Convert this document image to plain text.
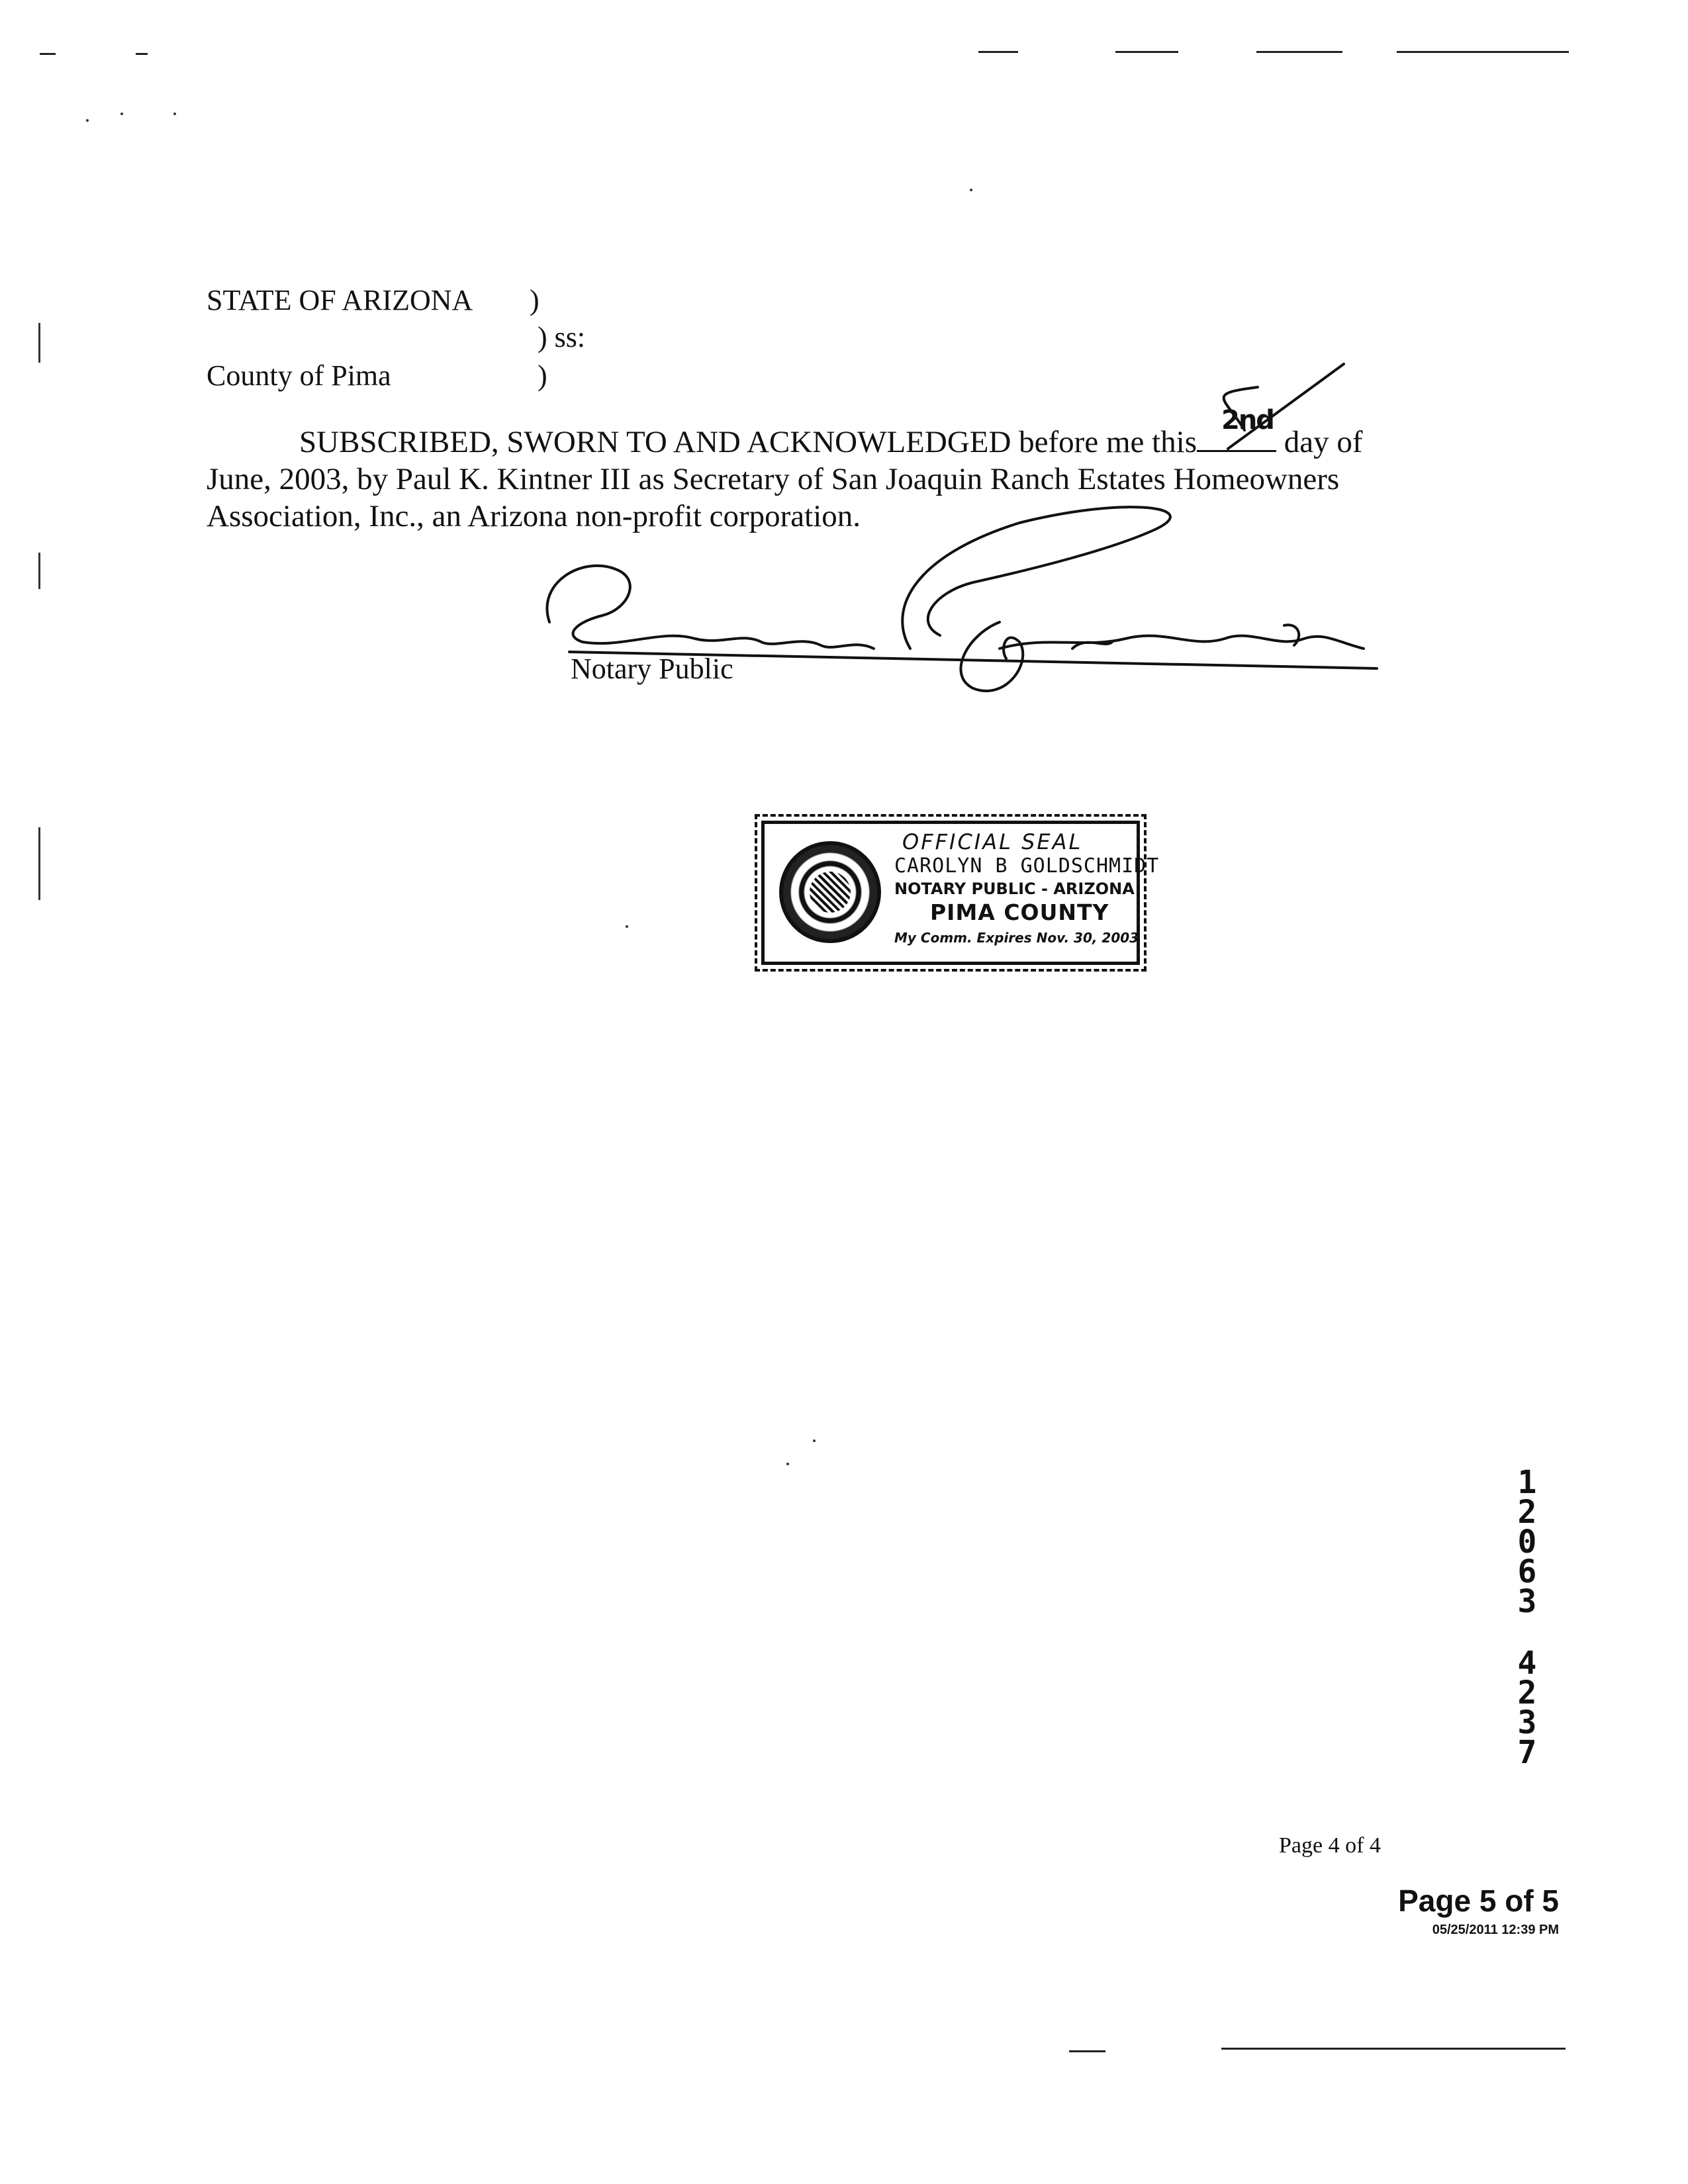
STATE OF ARIZONA )
) ss:
County of Pima	)
SUBSCRIBED, SWORN TO AND ACKNOWLEDGED before me this	day of
June, 2003, by Paul K. Kintner III as Secretary of San Joaquin Ranch Estates Homeowners
Association, Inc., an Arizona non-profit corporation.
2nd
Notary Public
OFFICIAL SEAL
CAROLYN B GOLDSCHMIDT
NOTARY PUBLIC - ARIZONA
PIMA COUNTY
My Comm. Expires Nov. 30, 2003
1
2
0
6
3
4
2
3
7
Page 4 of 4
Page 5 of 5
05/25/2011 12:39 PM
